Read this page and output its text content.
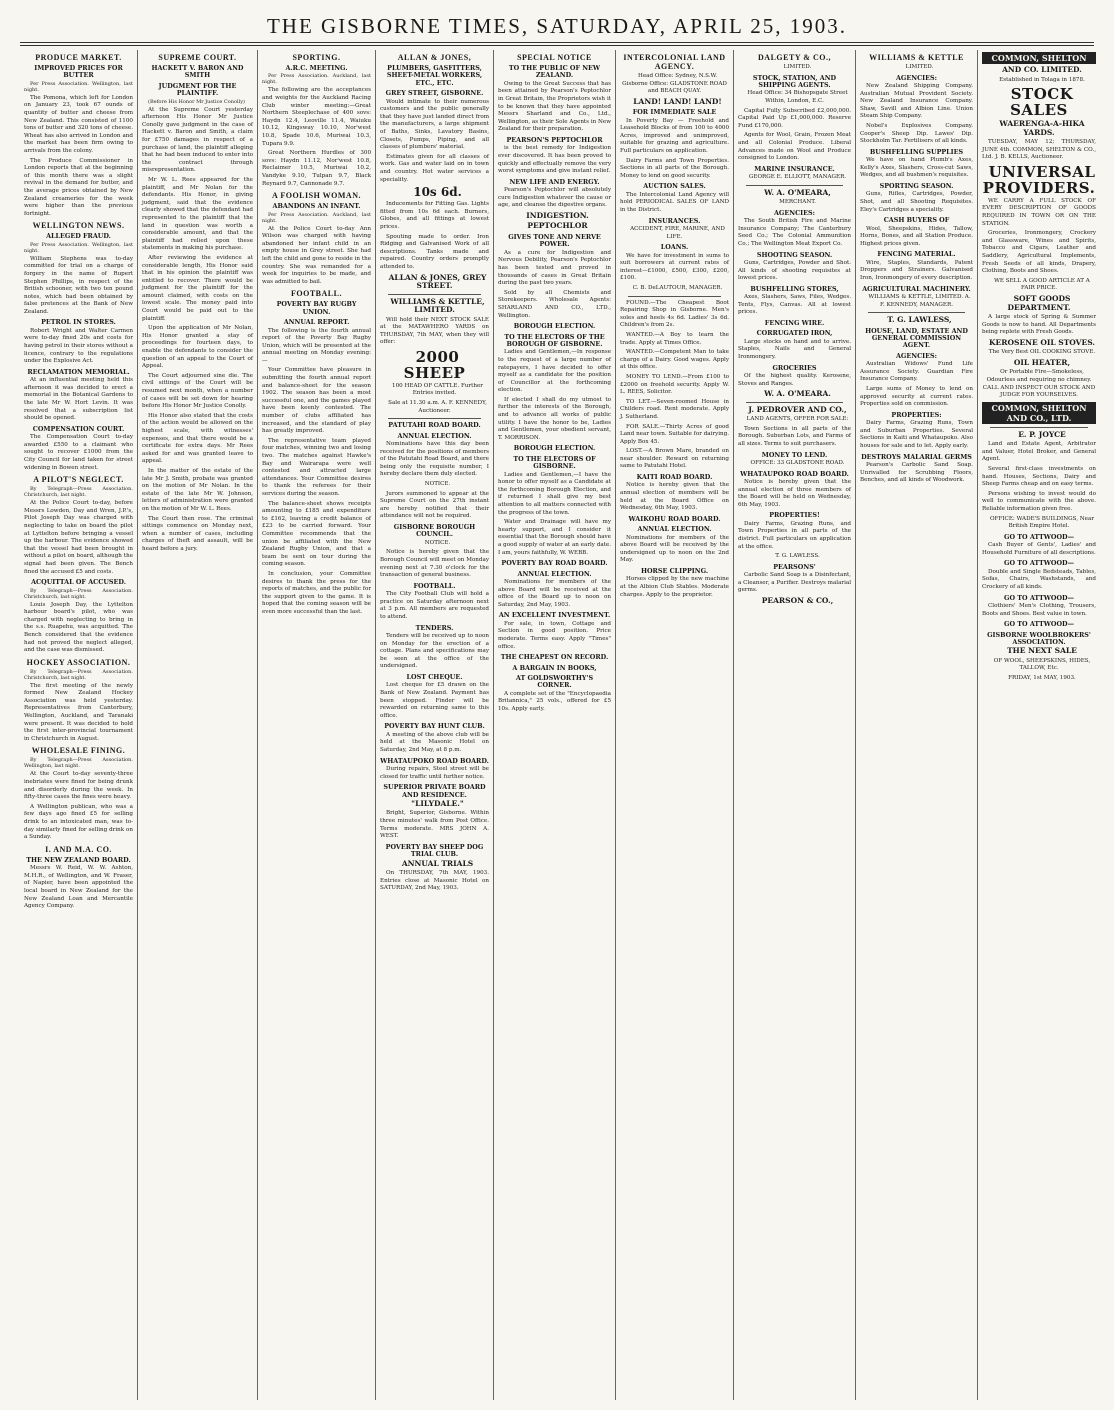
THE GISBORNE TIMES, SATURDAY, APRIL 25, 1903.
PRODUCE MARKET.
IMPROVED PRICES FOR BUTTER

Per Press Association. Wellington, last night.

The Pomona, which left for London on January 23, took 67 ounds of quantity of butter and cheese from New Zealand. This consisted of 1100 tons of butter and 320 tons of cheese. Wheat has also arrived in London and the market has been firm owing to arrivals from the colony.

The Produce Commissioner in London reports that at the beginning of this month there was a slight revival in the demand for butter, and the average prices obtained by New Zealand creameries for the week were higher than the previous fortnight.

WELLINGTON NEWS.
ALLEGED FRAUD.

Per Press Association. Wellington, last night.

William Stephens was to-day committed for trial on a charge of forgery in the name of Rupert Stephen Phillips, in respect of the British schooner, with two ten pound notes, which had been obtained by false pretences at the Bank of New Zealand.

PETROL IN STORES.

Robert Wright and Walter Carmen were to-day fined 20s and costs for having petrol in their stores without a licence, contrary to the regulations under the Explosive Act.

RECLAMATION MEMORIAL.

At an influential meeting held this afternoon it was decided to erect a memorial in the Botanical Gardens to the late Mr W. Hort Levin. It was resolved that a subscription list should be opened.

COMPENSATION COURT.

The Compensation Court to-day awarded £550 to a claimant who sought to recover £1000 from the City Council for land taken for street widening in Bowen street.

A PILOT'S NEGLECT.

By Telegraph—Press Association. Christchurch, last night.

At the Police Court to-day, before Messrs Lowden, Day and Wren, J.P.'s, Pilot Joseph Day was charged with neglecting to take on board the pilot at Lyttelton before bringing a vessel up the harbour. The evidence showed that the vessel had been brought in without a pilot on board, although the signal had been given. The Bench fined the accused £5 and costs.

ACQUITTAL OF ACCUSED.

By Telegraph—Press Association. Christchurch, last night.

Louis Joseph Day, the Lyttelton harbour board's pilot, who was charged with neglecting to bring in the s.s. Ruapehu, was acquitted. The Bench considered that the evidence had not proved the neglect alleged, and the case was dismissed.

HOCKEY ASSOCIATION.

By Telegraph—Press Association. Christchurch, last night.

The first meeting of the newly formed New Zealand Hockey Association was held yesterday. Representatives from Canterbury, Wellington, Auckland, and Taranaki were present. It was decided to hold the first inter-provincial tournament in Christchurch in August.

WHOLESALE FINING.

By Telegraph—Press Association. Wellington, last night.

At the Court to-day seventy-three inebriates were fined for being drunk and disorderly during the week. In fifty-three cases the fines were heavy.

A Wellington publican, who was a few days ago fined £5 for selling drink to an intoxicated man, was to-day similarly fined for selling drink on a Sunday.

I. AND M.A. CO.
THE NEW ZEALAND BOARD.

Messrs W. Reid, W. W. Ashton, M.H.R., of Wellington, and W. Fraser, of Napier, have been appointed the local board in New Zealand for the New Zealand Loan and Mercantile Agency Company.

SUPREME COURT.
HACKETT V. BARON AND SMITH
JUDGMENT FOR THE PLAINTIFF.

(Before His Honor Mr Justice Conolly)

At the Supreme Court yesterday afternoon His Honor Mr Justice Conolly gave judgment in the case of Hackett v. Baron and Smith, a claim for £750 damages in respect of a purchase of land, the plaintiff alleging that he had been induced to enter into the contract through misrepresentation.

Mr W. L. Rees appeared for the plaintiff, and Mr Nolan for the defendants. His Honor, in giving judgment, said that the evidence clearly showed that the defendant had represented to the plaintiff that the land in question was worth a considerable amount, and that the plaintiff had relied upon these statements in making his purchase.

After reviewing the evidence at considerable length, His Honor said that in his opinion the plaintiff was entitled to recover. There would be judgment for the plaintiff for the amount claimed, with costs on the lowest scale. The money paid into Court would be paid out to the plaintiff.

Upon the application of Mr Nolan, His Honor granted a stay of proceedings for fourteen days, to enable the defendants to consider the question of an appeal to the Court of Appeal.

The Court adjourned sine die. The civil sittings of the Court will be resumed next month, when a number of cases will be set down for hearing before His Honor Mr Justice Conolly.

His Honor also stated that the costs of the action would be allowed on the highest scale, with witnesses' expenses, and that there would be a certificate for extra days. Mr Rees asked for and was granted leave to appeal.

In the matter of the estate of the late Mr J. Smith, probate was granted on the motion of Mr Nolan. In the estate of the late Mr W. Johnson, letters of administration were granted on the motion of Mr W. L. Rees.

The Court then rose. The criminal sittings commence on Monday next, when a number of cases, including charges of theft and assault, will be heard before a jury.

SPORTING.
A.R.C. MEETING.

Per Press Association. Auckland, last night.

The following are the acceptances and weights for the Auckland Racing Club winter meeting:—Great Northern Steeplechase of 400 sovs: Haydn 12.4, Leoville 11.4, Waiuku 10.12, Kingsway 10.10, Nor'west 10.8, Spade 10.6, Muriwai 10.3, Tupara 9.9.

Great Northern Hurdles of 300 sovs: Haydn 11.12, Nor'west 10.8, Reclaimer 10.5, Muriwai 10.2, Vandyke 9.10, Tulpan 9.7, Black Reynard 9.7, Cannonade 9.7.

A FOOLISH WOMAN.
ABANDONS AN INFANT.

Per Press Association. Auckland, last night.

At the Police Court to-day Ann Wilson was charged with having abandoned her infant child in an empty house in Grey street. She had left the child and gone to reside in the country. She was remanded for a week for inquiries to be made, and was admitted to bail.

FOOTBALL.
POVERTY BAY RUGBY UNION.
ANNUAL REPORT.

The following is the fourth annual report of the Poverty Bay Rugby Union, which will be presented at the annual meeting on Monday evening:—

Your Committee have pleasure in submitting the fourth annual report and balance-sheet for the season 1902. The season has been a most successful one, and the games played have been keenly contested. The number of clubs affiliated has increased, and the standard of play has greatly improved.

The representative team played four matches, winning two and losing two. The matches against Hawke's Bay and Wairarapa were well contested and attracted large attendances. Your Committee desires to thank the referees for their services during the season.

The balance-sheet shows receipts amounting to £185 and expenditure to £162, leaving a credit balance of £23 to be carried forward. Your Committee recommends that the union be affiliated with the New Zealand Rugby Union, and that a team be sent on tour during the coming season.

In conclusion, your Committee desires to thank the press for the reports of matches, and the public for the support given to the game. It is hoped that the coming season will be even more successful than the last.

ALLAN & JONES,
PLUMBERS, GASFITTERS, SHEET-METAL WORKERS, ETC., ETC.
GREY STREET, GISBORNE.

Would intimate to their numerous customers and the public generally that they have just landed direct from the manufacturers, a large shipment of Baths, Sinks, Lavatory Basins, Closets, Pumps, Piping, and all classes of plumbers' material.

Estimates given for all classes of work. Gas and water laid on in town and country. Hot water services a speciality.

10s 6d.

Inducements for Fitting Gas. Lights fitted from 10s 6d each. Burners, Globes, and all fittings at lowest prices.

Spouting made to order. Iron Ridging and Galvanised Work of all descriptions. Tanks made and repaired. Country orders promptly attended to.

ALLAN & JONES, GREY STREET.

WILLIAMS & KETTLE, LIMITED.

Will hold their NEXT STOCK SALE at the MATAWHERO YARDS on THURSDAY, 7th MAY, when they will offer:

2000 SHEEP

100 HEAD OF CATTLE. Further Entries invited.

Sale at 11.30 a.m. A. F. KENNEDY, Auctioneer.

PATUTAHI ROAD BOARD.
ANNUAL ELECTION.

Nominations have this day been received for the positions of members of the Patutahi Road Board, and there being only the requisite number, I hereby declare them duly elected.

NOTICE.

Jurors summoned to appear at the Supreme Court on the 27th instant are hereby notified that their attendance will not be required.

GISBORNE BOROUGH COUNCIL.

NOTICE.

Notice is hereby given that the Borough Council will meet on Monday evening next at 7.30 o'clock for the transaction of general business.

FOOTBALL.

The City Football Club will hold a practice on Saturday afternoon next at 3 p.m. All members are requested to attend.

TENDERS.

Tenders will be received up to noon on Monday for the erection of a cottage. Plans and specifications may be seen at the office of the undersigned.

LOST CHEQUE.

Lost cheque for £5 drawn on the Bank of New Zealand. Payment has been stopped. Finder will be rewarded on returning same to this office.

POVERTY BAY HUNT CLUB.

A meeting of the above club will be held at the Masonic Hotel on Saturday, 2nd May, at 8 p.m.

WHATAUPOKO ROAD BOARD.

During repairs, Steel street will be closed for traffic until further notice.

SUPERIOR PRIVATE BOARD AND RESIDENCE.

"LILYDALE."

Bright, Superior, Gisborne. Within three minutes' walk from Post Office. Terms moderate. MRS JOHN A. WEST.

POVERTY BAY SHEEP DOG TRIAL CLUB.

ANNUAL TRIALS

On THURSDAY, 7th MAY, 1903. Entries close at Masonic Hotel on SATURDAY, 2nd May, 1903.

SPECIAL NOTICE
TO THE PUBLIC OF NEW ZEALAND.

Owing to the Great Success that has been attained by Pearson's Peptochlor in Great Britain, the Proprietors wish it to be known that they have appointed Messrs Sharland and Co., Ltd., Wellington, as their Sole Agents in New Zealand for their preparation.

PEARSON'S PEPTOCHLOR

is the best remedy for Indigestion ever discovered. It has been proved to quickly and effectually remove the very worst symptoms and give instant relief.

NEW LIFE AND ENERGY.

Pearson's Peptochlor will absolutely cure Indigestion whatever the cause or age, and cleanse the digestive organs.

INDIGESTION.

PEPTOCHLOR

GIVES TONE AND NERVE POWER.

As a cure for Indigestion and Nervous Debility, Pearson's Peptochlor has been tested and proved in thousands of cases in Great Britain during the past two years.

Sold by all Chemists and Storekeepers. Wholesale Agents: SHARLAND AND CO., LTD., Wellington.

BOROUGH ELECTION.
TO THE ELECTORS OF THE BOROUGH OF GISBORNE.

Ladies and Gentlemen,—In response to the request of a large number of ratepayers, I have decided to offer myself as a candidate for the position of Councillor at the forthcoming election.

If elected I shall do my utmost to further the interests of the Borough, and to advance all works of public utility. I have the honor to be, Ladies and Gentlemen, your obedient servant, T. MORRISON.

BOROUGH ELECTION.
TO THE ELECTORS OF GISBORNE.

Ladies and Gentlemen,—I have the honor to offer myself as a Candidate at the forthcoming Borough Election, and if returned I shall give my best attention to all matters connected with the progress of the town.

Water and Drainage will have my hearty support, and I consider it essential that the Borough should have a good supply of water at an early date. I am, yours faithfully, W. WEBB.

POVERTY BAY ROAD BOARD.
ANNUAL ELECTION.

Nominations for members of the above Board will be received at the office of the Board up to noon on Saturday, 2nd May, 1903.

AN EXCELLENT INVESTMENT.

For sale, in town, Cottage and Section in good position. Price moderate. Terms easy. Apply "Times" office.

THE CHEAPEST ON RECORD.
A BARGAIN IN BOOKS,
AT GOLDSWORTHY'S CORNER.

A complete set of the "Encyclopaedia Britannica," 25 vols., offered for £5 10s. Apply early.

INTERCOLONIAL LAND AGENCY.

Head Office: Sydney, N.S.W. Gisborne Office: GLADSTONE ROAD and BEACH QUAY.

LAND! LAND! LAND!

FOR IMMEDIATE SALE

In Poverty Bay — Freehold and Leasehold Blocks of from 100 to 4000 Acres, improved and unimproved, suitable for grazing and agriculture. Full particulars on application.

Dairy Farms and Town Properties. Sections in all parts of the Borough. Money to lend on good security.

AUCTION SALES.

The Intercolonial Land Agency will hold PERIODICAL SALES OF LAND in the District.

INSURANCES.

ACCIDENT, FIRE, MARINE, AND LIFE.

LOANS.

We have for investment in sums to suit borrowers at current rates of interest—£1000, £500, £300, £200, £100.

C. B. DeLAUTOUR, MANAGER.

FOUND.—The Cheapest Boot Repairing Shop in Gisborne. Men's soles and heels 4s 6d. Ladies' 3s 6d. Children's from 2s.

WANTED.—A Boy to learn the trade. Apply at Times Office.

WANTED.—Competent Man to take charge of a Dairy. Good wages. Apply at this office.

MONEY TO LEND.—From £100 to £2000 on freehold security. Apply W. L. REES, Solicitor.

TO LET.—Seven-roomed House in Childers road. Rent moderate. Apply J. Sutherland.

FOR SALE.—Thirty Acres of good Land near town. Suitable for dairying. Apply Box 45.

LOST.—A Brown Mare, branded on near shoulder. Reward on returning same to Patutahi Hotel.

KAITI ROAD BOARD.

Notice is hereby given that the annual election of members will be held at the Board Office on Wednesday, 6th May, 1903.

WAIKOHU ROAD BOARD.
ANNUAL ELECTION.

Nominations for members of the above Board will be received by the undersigned up to noon on the 2nd May.

HORSE CLIPPING.

Horses clipped by the new machine at the Albion Club Stables. Moderate charges. Apply to the proprietor.

DALGETY & CO.,

LIMITED.

STOCK, STATION, AND SHIPPING AGENTS.

Head Office: 34 Bishopsgate Street Within, London, E.C.

Capital Fully Subscribed £2,000,000. Capital Paid Up £1,000,000. Reserve Fund £170,000.

Agents for Wool, Grain, Frozen Meat and all Colonial Produce. Liberal Advances made on Wool and Produce consigned to London.

MARINE INSURANCE.

GEORGE E. ELLIOTT, MANAGER.

W. A. O'MEARA,

MERCHANT.

AGENCIES:

The South British Fire and Marine Insurance Company; The Canterbury Seed Co.; The Colonial Ammunition Co.; The Wellington Meat Export Co.

SHOOTING SEASON.

Guns, Cartridges, Powder and Shot. All kinds of shooting requisites at lowest prices.

BUSHFELLING STORES,

Axes, Slashers, Saws, Files, Wedges. Tents, Flys, Canvas. All at lowest prices.

FENCING WIRE.
CORRUGATED IRON,

Large stocks on hand and to arrive. Staples, Nails and General Ironmongery.

GROCERIES

Of the highest quality. Kerosene, Stoves and Ranges.

W. A. O'MEARA.

J. PEDROVER AND CO.,

LAND AGENTS, OFFER FOR SALE:

Town Sections in all parts of the Borough. Suburban Lots, and Farms of all sizes. Terms to suit purchasers.

MONEY TO LEND.

OFFICE: 33 GLADSTONE ROAD.

WHATAUPOKO ROAD BOARD.

Notice is hereby given that the annual election of three members of the Board will be held on Wednesday, 6th May, 1903.

PROPERTIES!

Dairy Farms, Grazing Runs, and Town Properties in all parts of the district. Full particulars on application at the office.

T. G. LAWLESS.

PEARSONS'

Carbolic Sand Soap is a Disinfectant, a Cleanser, a Purifier. Destroys malarial germs.

PEARSON & CO.,

WILLIAMS & KETTLE

LIMITED.

AGENCIES:

New Zealand Shipping Company. Australian Mutual Provident Society. New Zealand Insurance Company. Shaw, Savill and Albion Line. Union Steam Ship Company.

Nobel's Explosives Company. Cooper's Sheep Dip. Lawes' Dip. Stockholm Tar. Fertilisers of all kinds.

BUSHFELLING SUPPLIES

We have on hand Plumb's Axes, Kelly's Axes, Slashers, Cross-cut Saws, Wedges, and all bushmen's requisites.

SPORTING SEASON.

Guns, Rifles, Cartridges, Powder, Shot, and all Shooting Requisites. Eley's Cartridges a speciality.

CASH BUYERS OF

Wool, Sheepskins, Hides, Tallow, Horns, Bones, and all Station Produce. Highest prices given.

FENCING MATERIAL.

Wire, Staples, Standards, Patent Droppers and Strainers. Galvanised Iron, Ironmongery of every description.

AGRICULTURAL MACHINERY.

WILLIAMS & KETTLE, LIMITED. A. F. KENNEDY, MANAGER.

T. G. LAWLESS,

HOUSE, LAND, ESTATE AND GENERAL COMMISSION AGENT.
AGENCIES:

Australian Widows' Fund Life Assurance Society. Guardian Fire Insurance Company.

Large sums of Money to lend on approved security at current rates. Properties sold on commission.

PROPERTIES:

Dairy Farms, Grazing Runs, Town and Suburban Properties. Several Sections in Kaiti and Whataupoko. Also houses for sale and to let. Apply early.

DESTROYS MALARIAL GERMS

Pearson's Carbolic Sand Soap. Unrivalled for Scrubbing Floors, Benches, and all kinds of Woodwork.

COMMON, SHELTON

AND CO. LIMITED.

Established in Tolaga in 1878.

STOCK SALES

WAERENGA-A-HIKA YARDS.

TUESDAY, MAY 12; THURSDAY, JUNE 4th. COMMON, SHELTON & CO., Ltd. J. B. KELLS, Auctioneer.

UNIVERSAL PROVIDERS.

WE CARRY A FULL STOCK OF EVERY DESCRIPTION OF GOODS REQUIRED IN TOWN OR ON THE STATION.

Groceries, Ironmongery, Crockery and Glassware, Wines and Spirits, Tobacco and Cigars, Leather and Saddlery, Agricultural Implements, Fresh Seeds of all kinds, Drapery, Clothing, Boots and Shoes.

WE SELL A GOOD ARTICLE AT A FAIR PRICE.

SOFT GOODS DEPARTMENT.

A large stock of Spring & Summer Goods is now to hand. All Departments being replete with Fresh Goods.

KEROSENE OIL STOVES.

The Very Best OIL COOKING STOVE.

OIL HEATER,

Or Portable Fire—Smokeless, Odourless and requiring no chimney. CALL AND INSPECT OUR STOCK AND JUDGE FOR YOURSELVES.

COMMON, SHELTON AND CO., LTD.

E. P. JOYCE

Land and Estate Agent, Arbitrator and Valuer, Hotel Broker, and General Agent.

Several first-class investments on hand. Houses, Sections, Dairy and Sheep Farms cheap and on easy terms.

Persons wishing to invest would do well to communicate with the above. Reliable information given free.

OFFICE: WADE'S BUILDINGS, Near British Empire Hotel.

GO TO ATTWOOD—

Cash Buyer of Gents', Ladies' and Household Furniture of all descriptions.

GO TO ATTWOOD—

Double and Single Bedsteads, Tables, Sofas, Chairs, Washstands, and Crockery of all kinds.

GO TO ATTWOOD—

Clothiers' Men's Clothing, Trousers, Boots and Shoes. Best value in town.

GO TO ATTWOOD—
GISBORNE WOOLBROKERS' ASSOCIATION.

THE NEXT SALE

OF WOOL, SHEEPSKINS, HIDES, TALLOW, Etc.

FRIDAY, 1st MAY, 1903.
